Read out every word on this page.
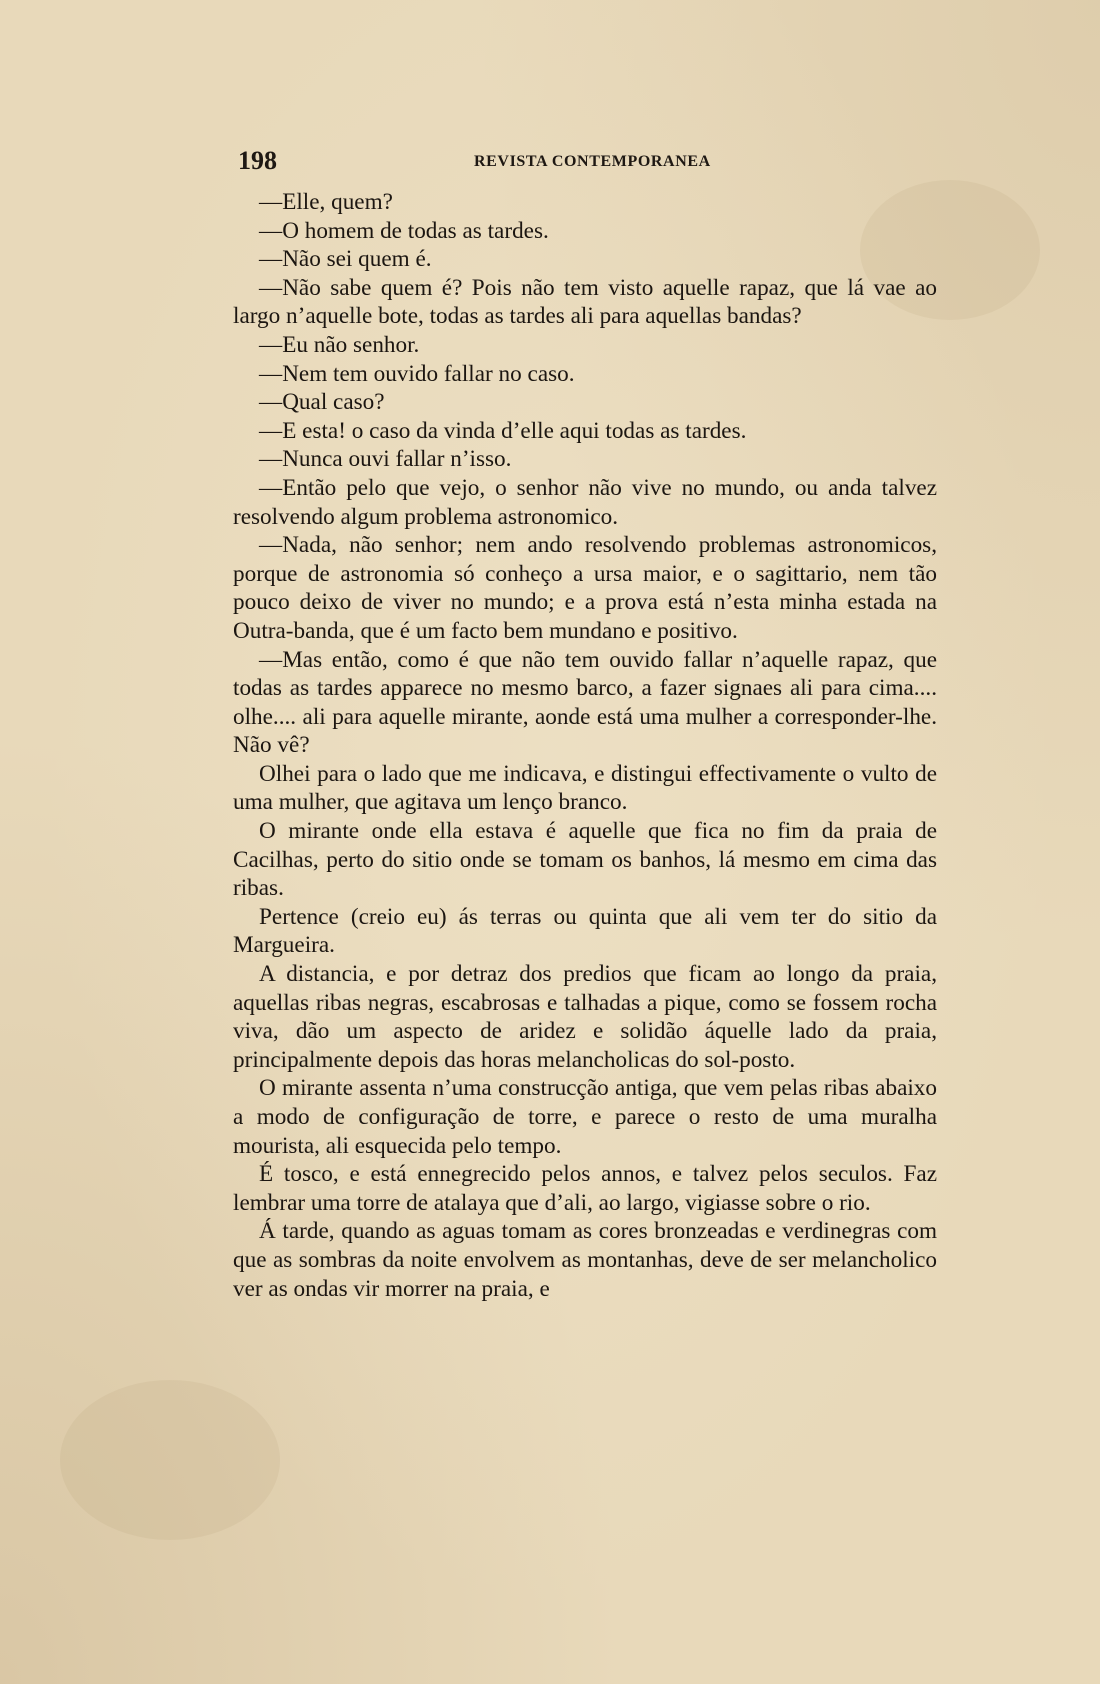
198	REVISTA CONTEMPORANEA

—Elle, quem?

—O homem de todas as tardes.

—Não sei quem é.

—Não sabe quem é? Pois não tem visto aquelle rapaz, que lá vae ao largo n’aquelle bote, todas as tardes ali para aquellas bandas?

—Eu não senhor.

—Nem tem ouvido fallar no caso.

—Qual caso?

—E esta! o caso da vinda d’elle aqui todas as tardes.

—Nunca ouvi fallar n’isso.

—Então pelo que vejo, o senhor não vive no mundo, ou anda talvez resolvendo algum problema astronomico.

—Nada, não senhor; nem ando resolvendo problemas astronomicos, porque de astronomia só conheço a ursa maior, e o sagittario, nem tão pouco deixo de viver no mundo; e a prova está n’esta minha estada na Outra-banda, que é um facto bem mundano e positivo.

—Mas então, como é que não tem ouvido fallar n’aquelle rapaz, que todas as tardes apparece no mesmo barco, a fazer signaes ali para cima.... olhe.... ali para aquelle mirante, aonde está uma mulher a corresponder-lhe. Não vê?

Olhei para o lado que me indicava, e distingui effectivamente o vulto de uma mulher, que agitava um lenço branco.

O mirante onde ella estava é aquelle que fica no fim da praia de Cacilhas, perto do sitio onde se tomam os banhos, lá mesmo em cima das ribas.

Pertence (creio eu) ás terras ou quinta que ali vem ter do sitio da Margueira.

A distancia, e por detraz dos predios que ficam ao longo da praia, aquellas ribas negras, escabrosas e talhadas a pique, como se fossem rocha viva, dão um aspecto de aridez e solidão áquelle lado da praia, principalmente depois das horas melancholicas do sol-posto.

O mirante assenta n’uma construcção antiga, que vem pelas ribas abaixo a modo de configuração de torre, e parece o resto de uma muralha mourista, ali esquecida pelo tempo.

É tosco, e está ennegrecido pelos annos, e talvez pelos seculos. Faz lembrar uma torre de atalaya que d’ali, ao largo, vigiasse sobre o rio.

Á tarde, quando as aguas tomam as cores bronzeadas e verdinegras com que as sombras da noite envolvem as montanhas, deve de ser melancholico ver as ondas vir morrer na praia, e
